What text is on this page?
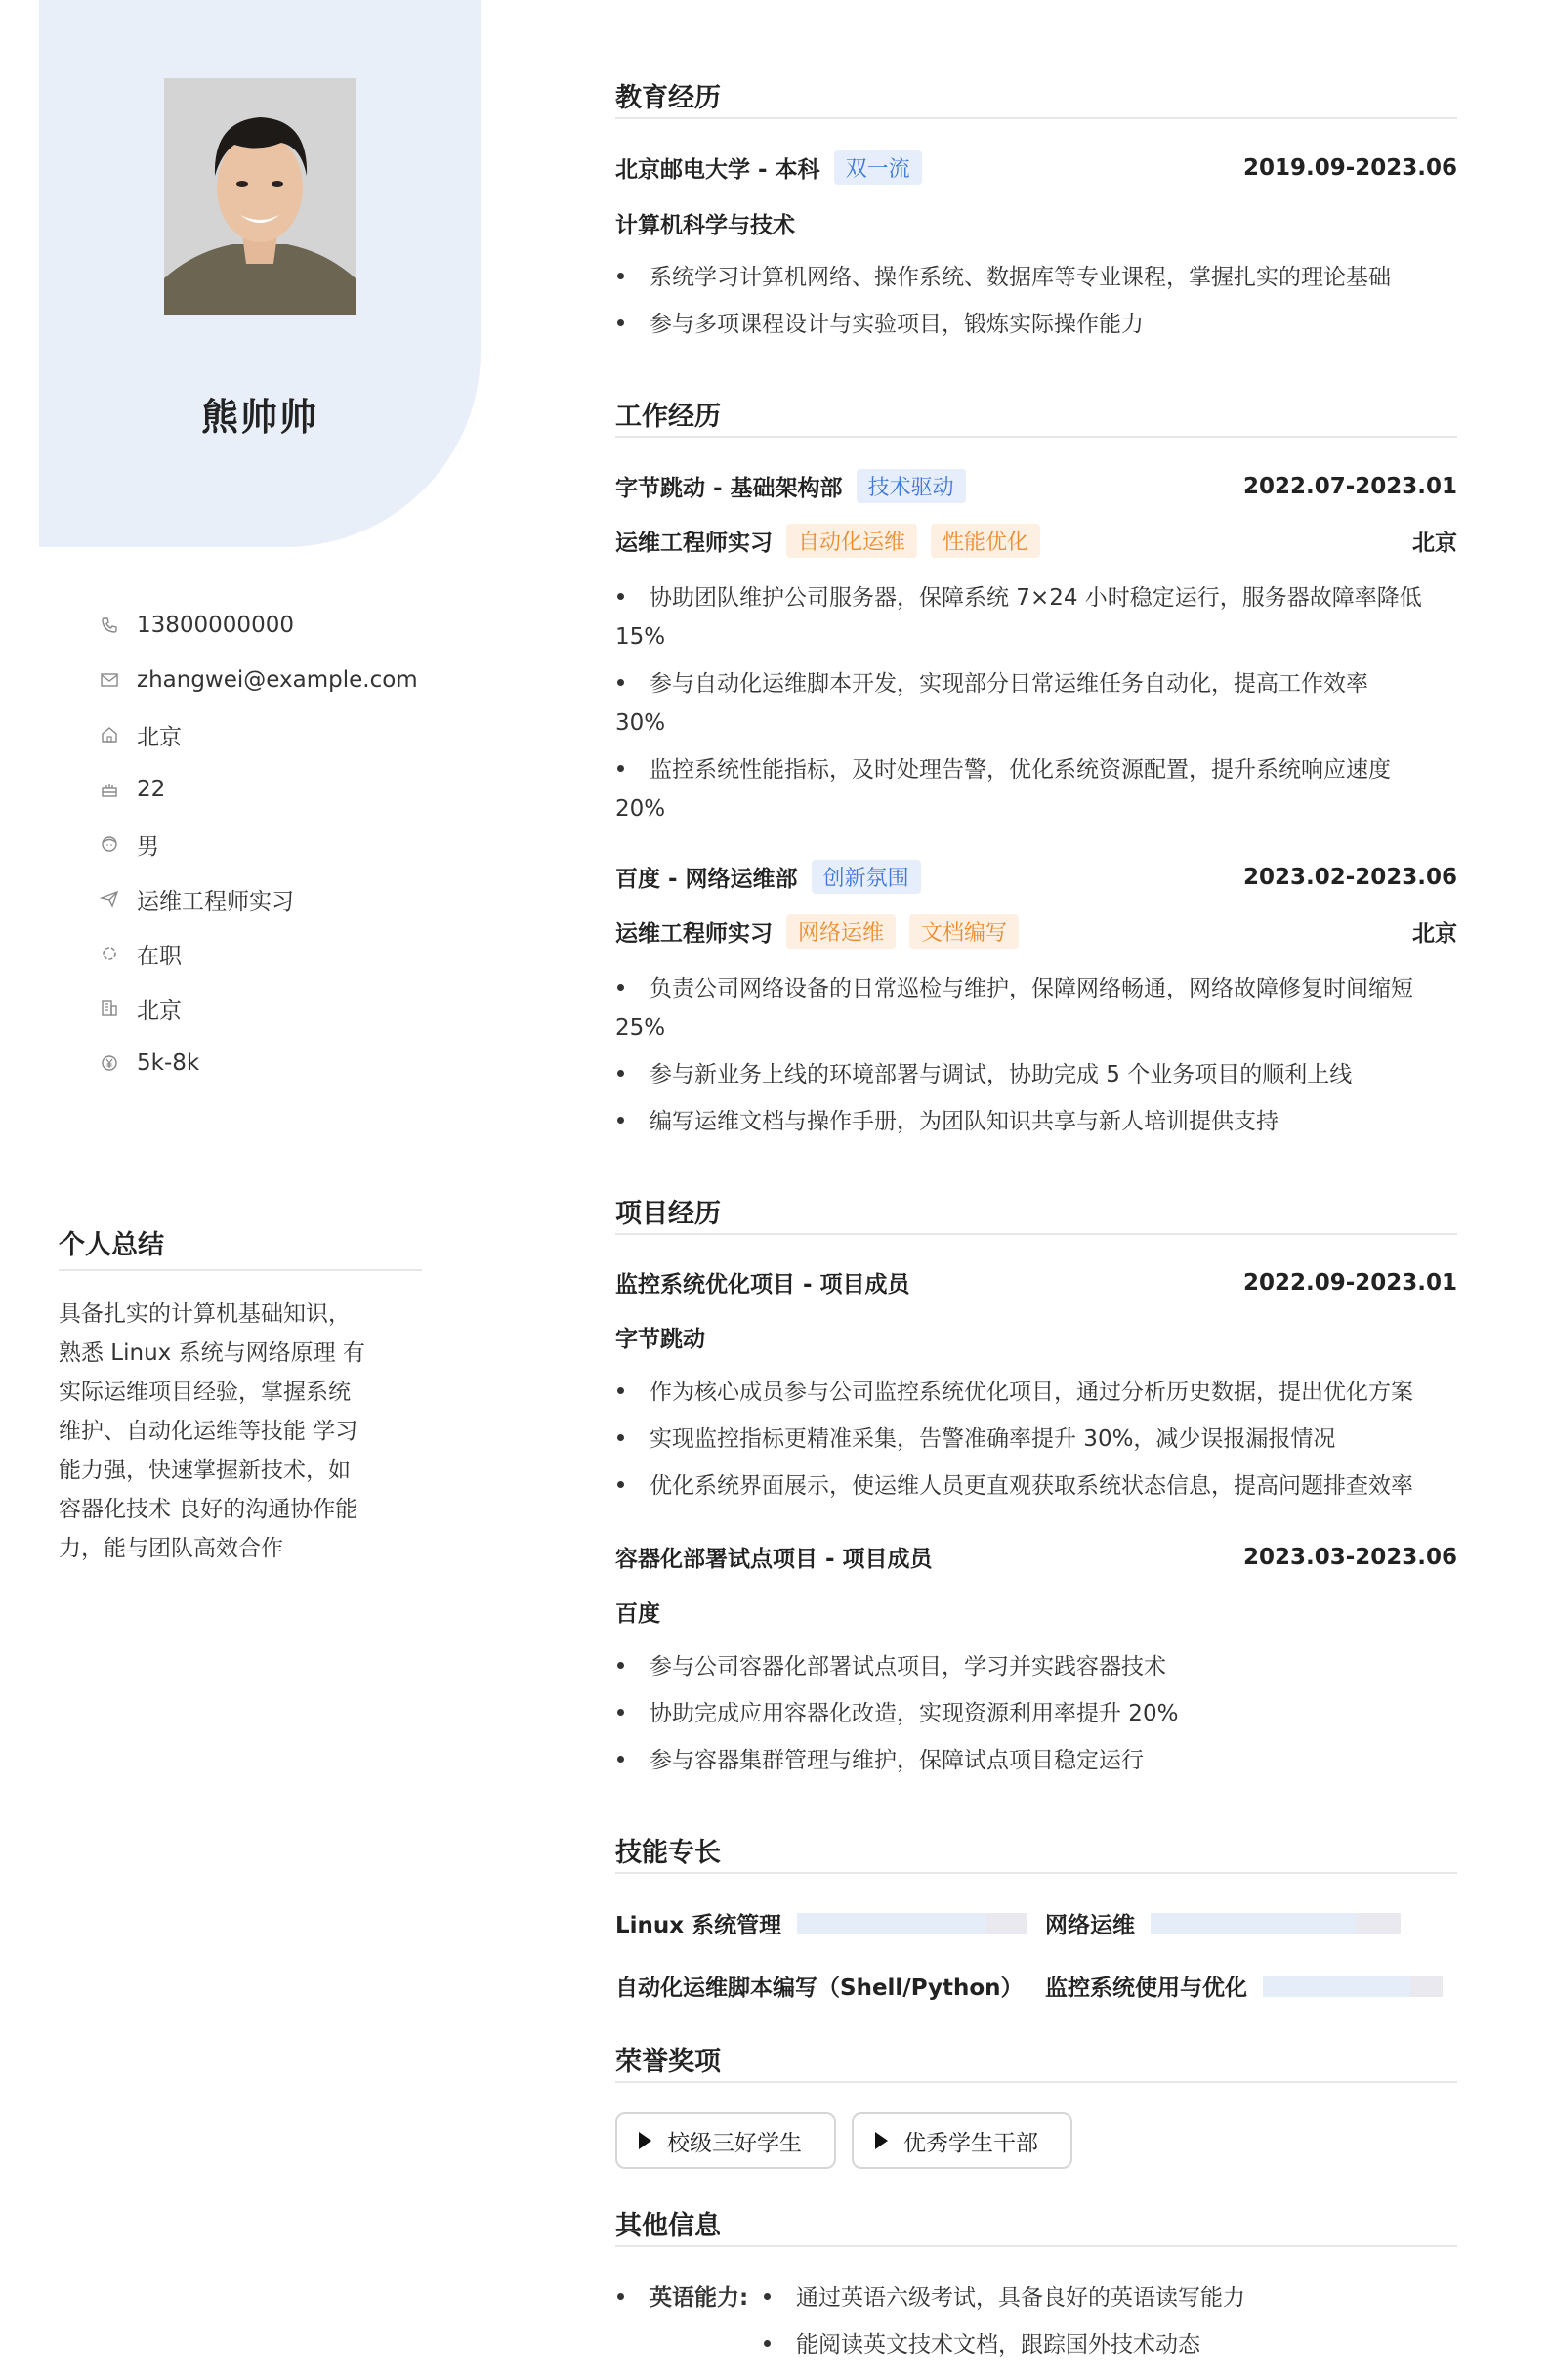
熊帅帅
13800000000
zhangwei@example.com
北京
22
男
运维工程师实习
在职
北京
5k-8k
个人总结
具备扎实的计算机基础知识，
熟悉 Linux 系统与网络原理 有
实际运维项目经验，掌握系统
维护、自动化运维等技能 学习
能力强，快速掌握新技术，如
容器化技术 良好的沟通协作能
力，能与团队高效合作
教育经历
北京邮电大学 - 本科	双一流	2019.09-2023.06
计算机科学与技术
系统学习计算机网络、操作系统、数据库等专业课程，掌握扎实的理论基础
参与多项课程设计与实验项目，锻炼实际操作能力
工作经历
字节跳动 - 基础架构部	技术驱动	2022.07-2023.01
运维工程师实习	自动化运维	性能优化	北京
协助团队维护公司服务器，保障系统 7×24 小时稳定运行，服务器故障率降低
15%
参与自动化运维脚本开发，实现部分日常运维任务自动化，提高工作效率
30%
监控系统性能指标，及时处理告警，优化系统资源配置，提升系统响应速度
20%
百度 - 网络运维部	创新氛围	2023.02-2023.06
运维工程师实习	网络运维	文档编写	北京
负责公司网络设备的日常巡检与维护，保障网络畅通，网络故障修复时间缩短
25%
参与新业务上线的环境部署与调试，协助完成 5 个业务项目的顺利上线
编写运维文档与操作手册，为团队知识共享与新人培训提供支持
项目经历
监控系统优化项目 - 项目成员	2022.09-2023.01
字节跳动
作为核心成员参与公司监控系统优化项目，通过分析历史数据，提出优化方案
实现监控指标更精准采集，告警准确率提升 30%，减少误报漏报情况
优化系统界面展示，使运维人员更直观获取系统状态信息，提高问题排查效率
容器化部署试点项目 - 项目成员	2023.03-2023.06
百度
参与公司容器化部署试点项目，学习并实践容器技术
协助完成应用容器化改造，实现资源利用率提升 20%
参与容器集群管理与维护，保障试点项目稳定运行
技能专长
Linux 系统管理	网络运维
自动化运维脚本编写（Shell/Python） 监控系统使用与优化
荣誉奖项
校级三好学生	优秀学生干部
其他信息
英语能力:	通过英语六级考试，具备良好的英语读写能力
能阅读英文技术文档，跟踪国外技术动态
